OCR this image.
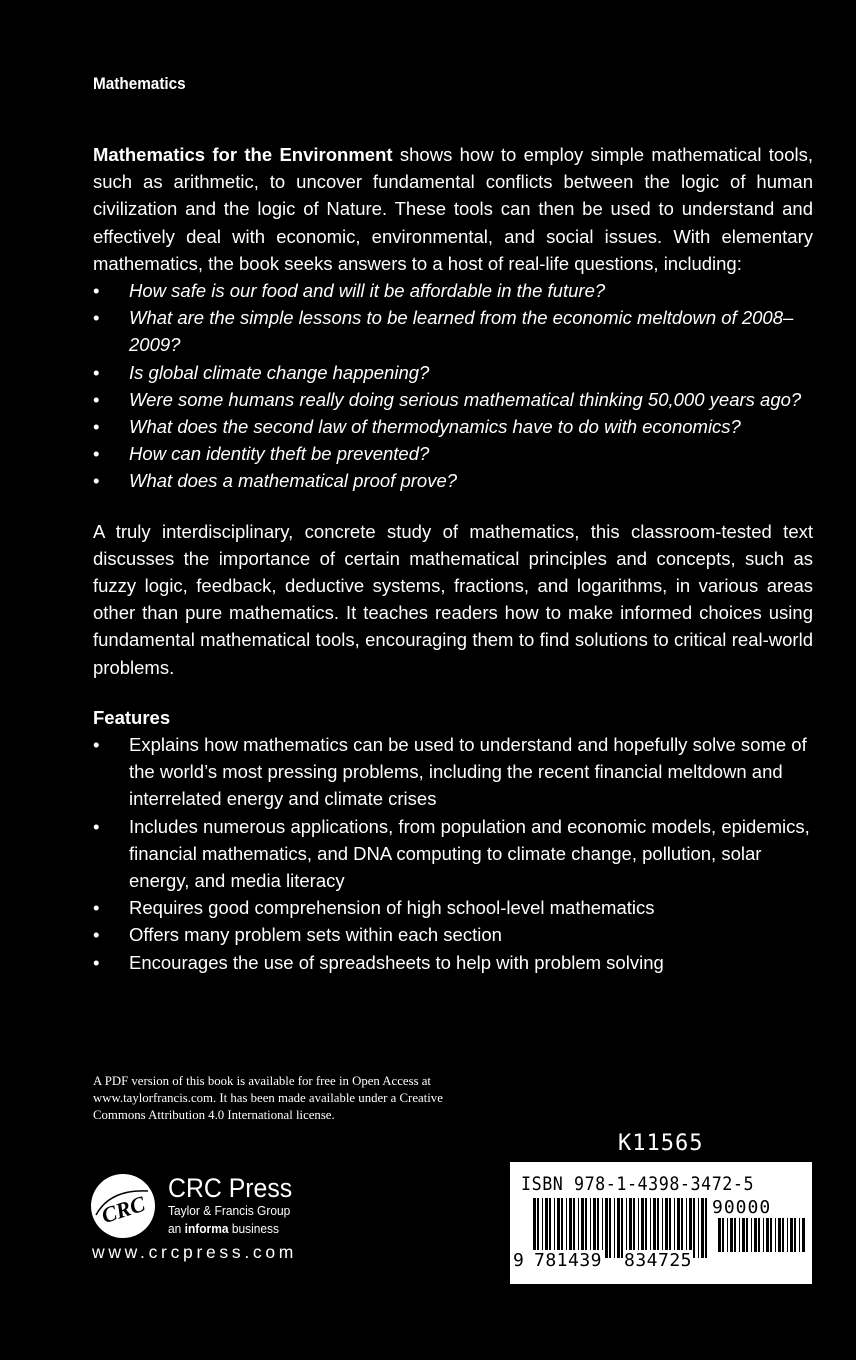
Mathematics

Mathematics for the Environment shows how to employ simple mathematical tools, such as arithmetic, to uncover fundamental conflicts between the logic of human civilization and the logic of Nature. These tools can then be used to understand and effectively deal with economic, environmental, and social issues. With elementary mathematics, the book seeks answers to a host of real-life questions, including:

• How safe is our food and will it be affordable in the future?
• What are the simple lessons to be learned from the economic meltdown of 2008–2009?
• Is global climate change happening?
• Were some humans really doing serious mathematical thinking 50,000 years ago?
• What does the second law of thermodynamics have to do with economics?
• How can identity theft be prevented?
• What does a mathematical proof prove?

A truly interdisciplinary, concrete study of mathematics, this classroom-tested text discusses the importance of certain mathematical principles and concepts, such as fuzzy logic, feedback, deductive systems, fractions, and logarithms, in various areas other than pure mathematics. It teaches readers how to make informed choices using fundamental mathematical tools, encouraging them to find solutions to critical real-world problems.

Features
• Explains how mathematics can be used to understand and hopefully solve some of the world’s most pressing problems, including the recent financial meltdown and interrelated energy and climate crises
• Includes numerous applications, from population and economic models, epidemics, financial mathematics, and DNA computing to climate change, pollution, solar energy, and media literacy
• Requires good comprehension of high school-level mathematics
• Offers many problem sets within each section
• Encourages the use of spreadsheets to help with problem solving
A PDF version of this book is available for free in Open Access at www.taylorfrancis.com. It has been made available under a Creative Commons Attribution 4.0 International license.
CRC
CRC Press
Taylor & Francis Group
an informa business
www.crcpress.com
K11565
ISBN 978-1-4398-3472-5
90000
9 781439 834725
